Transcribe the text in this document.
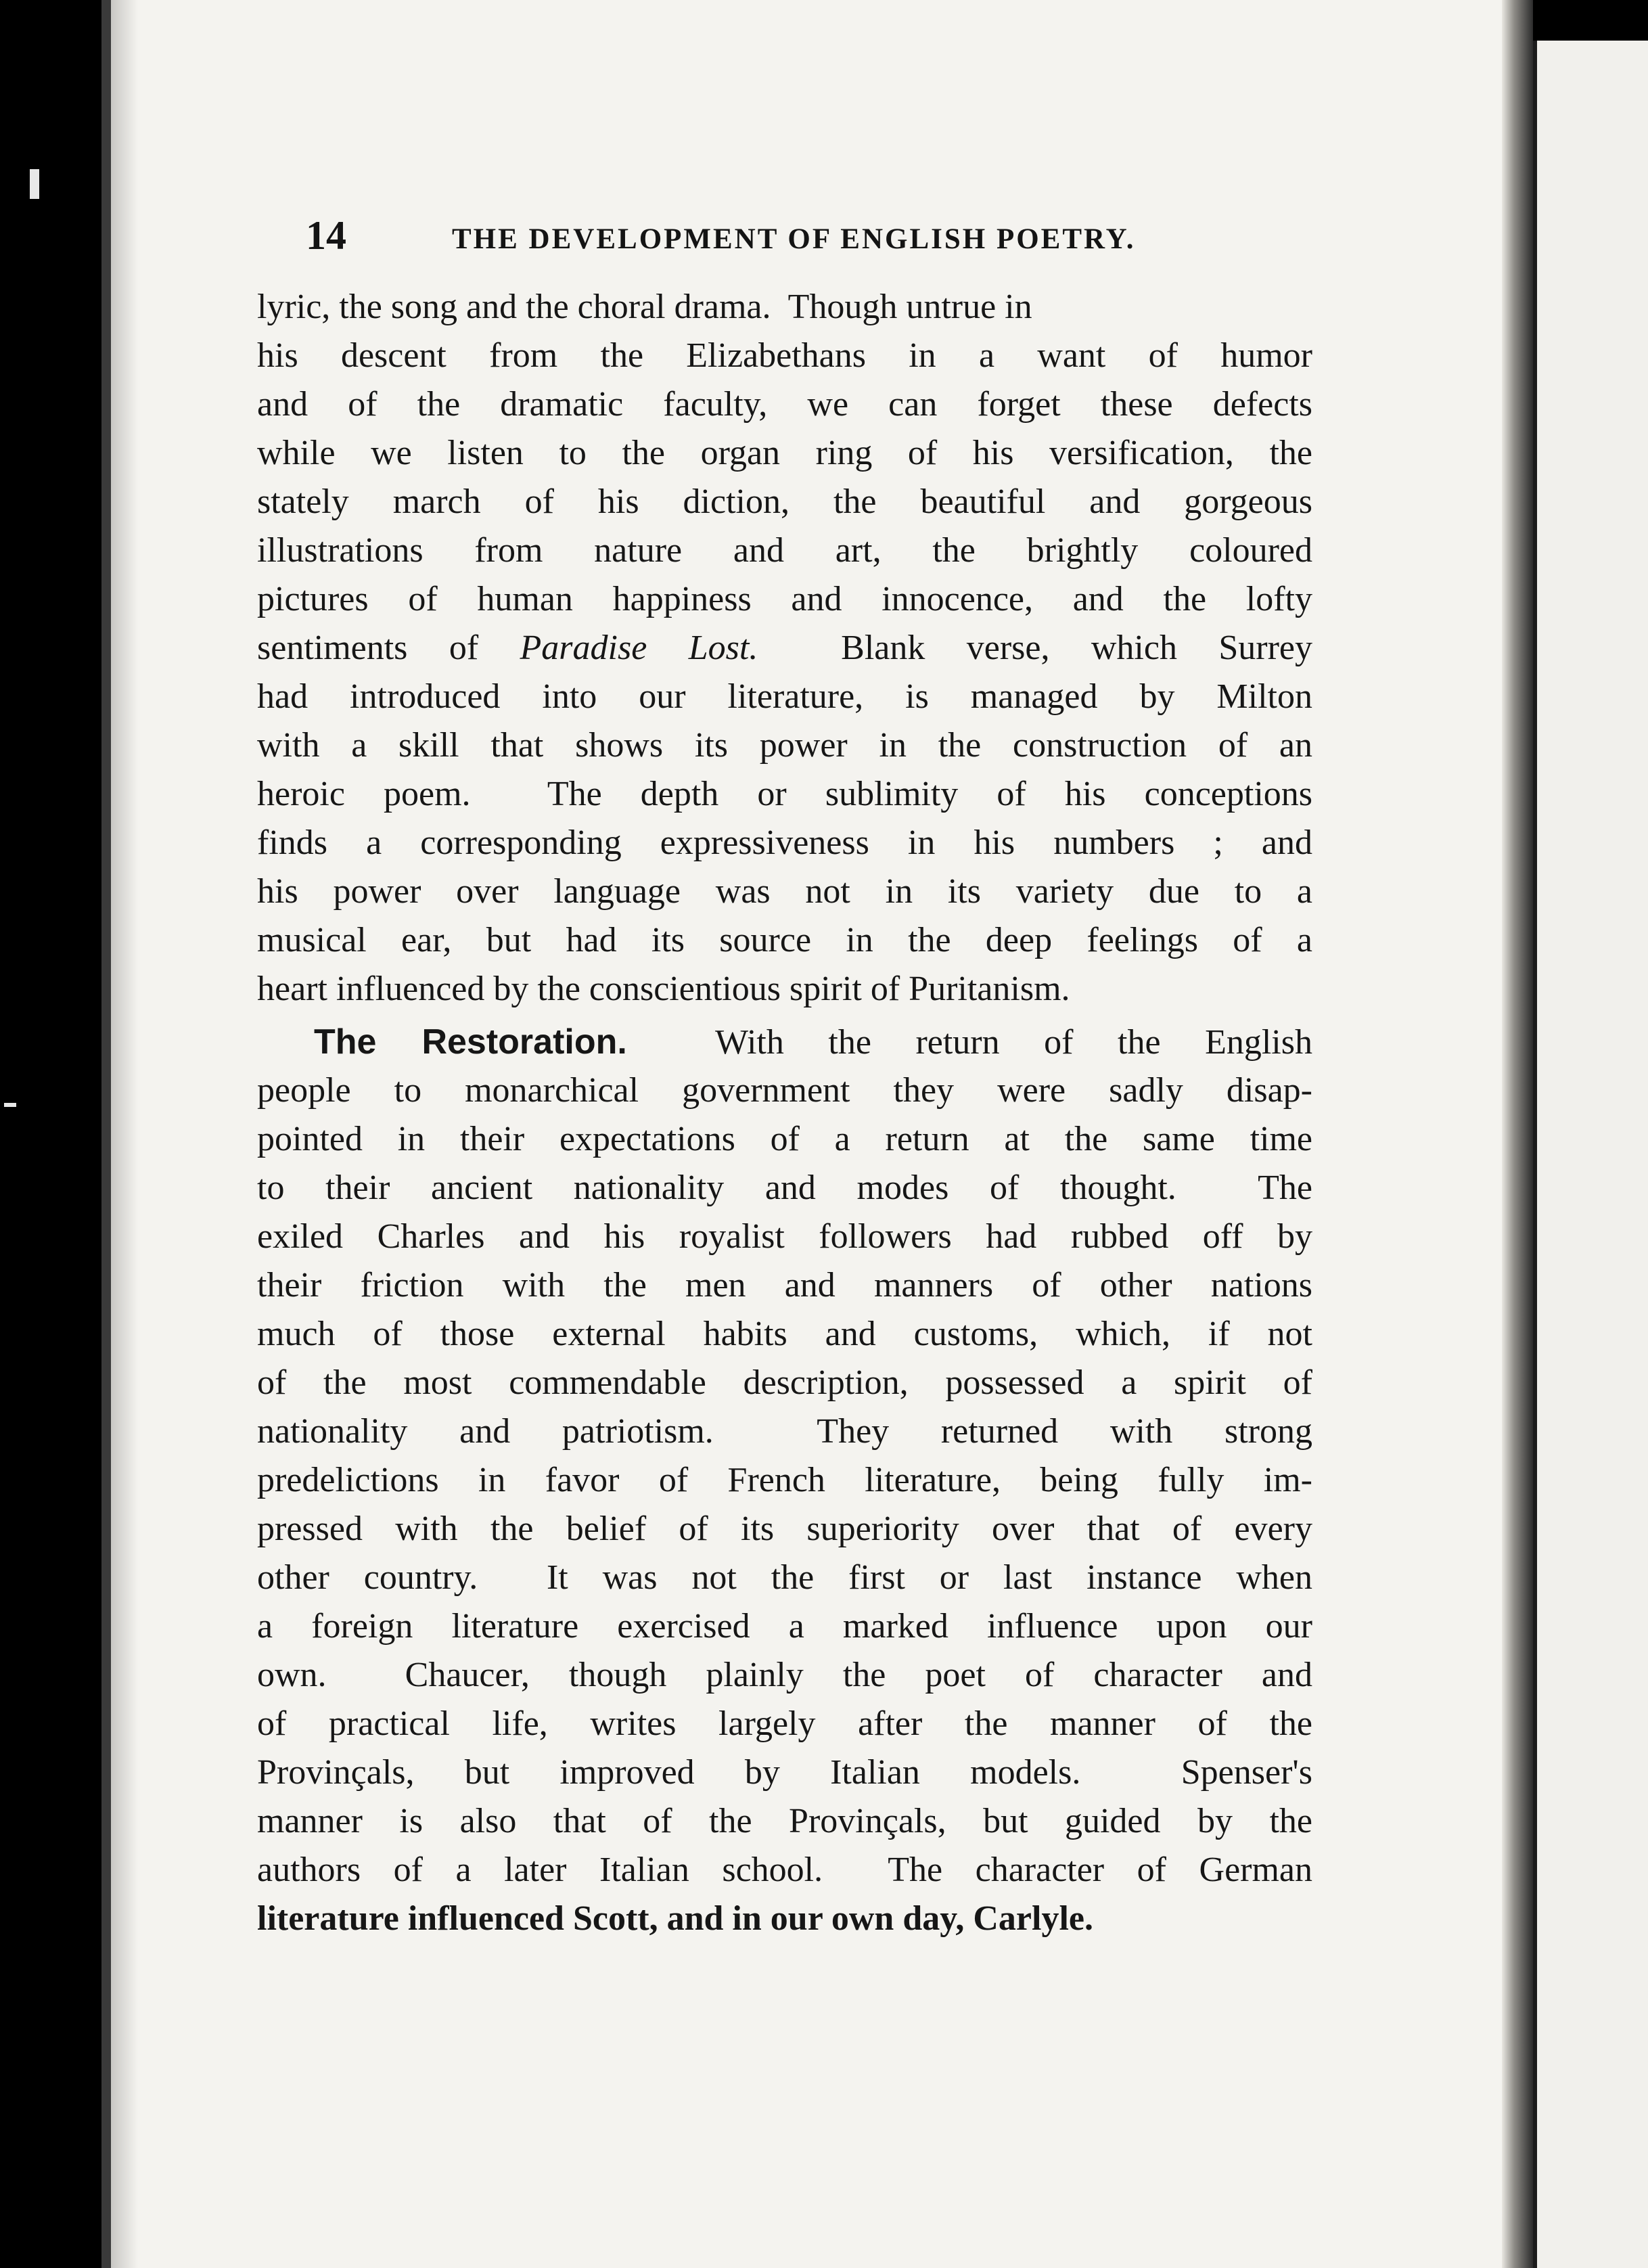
14	THE DEVELOPMENT OF ENGLISH POETRY.
lyric, the song and the choral drama.  Though untrue in
his descent from the Elizabethans in a want of humor
and of the dramatic faculty, we can forget these defects
while we listen to the organ ring of his versification, the
stately march of his diction, the beautiful and gorgeous
illustrations from nature and art, the brightly coloured
pictures of human happiness and innocence, and the lofty
sentiments of Paradise Lost.  Blank verse, which Surrey
had introduced into our literature, is managed by Milton
with a skill that shows its power in the construction of an
heroic poem.  The depth or sublimity of his conceptions
finds a corresponding expressiveness in his numbers ; and
his power over language was not in its variety due to a
musical ear, but had its source in the deep feelings of a
heart influenced by the conscientious spirit of Puritanism.
The Restoration.  With the return of the English
people to monarchical government they were sadly disap-
pointed in their expectations of a return at the same time
to their ancient nationality and modes of thought.  The
exiled Charles and his royalist followers had rubbed off by
their friction with the men and manners of other nations
much of those external habits and customs, which, if not
of the most commendable description, possessed a spirit of
nationality and patriotism.  They returned with strong
predelictions in favor of French literature, being fully im-
pressed with the belief of its superiority over that of every
other country.  It was not the first or last instance when
a foreign literature exercised a marked influence upon our
own.  Chaucer, though plainly the poet of character and
of practical life, writes largely after the manner of the
Provinçals, but improved by Italian models.  Spenser's
manner is also that of the Provinçals, but guided by the
authors of a later Italian school.  The character of German
literature influenced Scott, and in our own day, Carlyle.
